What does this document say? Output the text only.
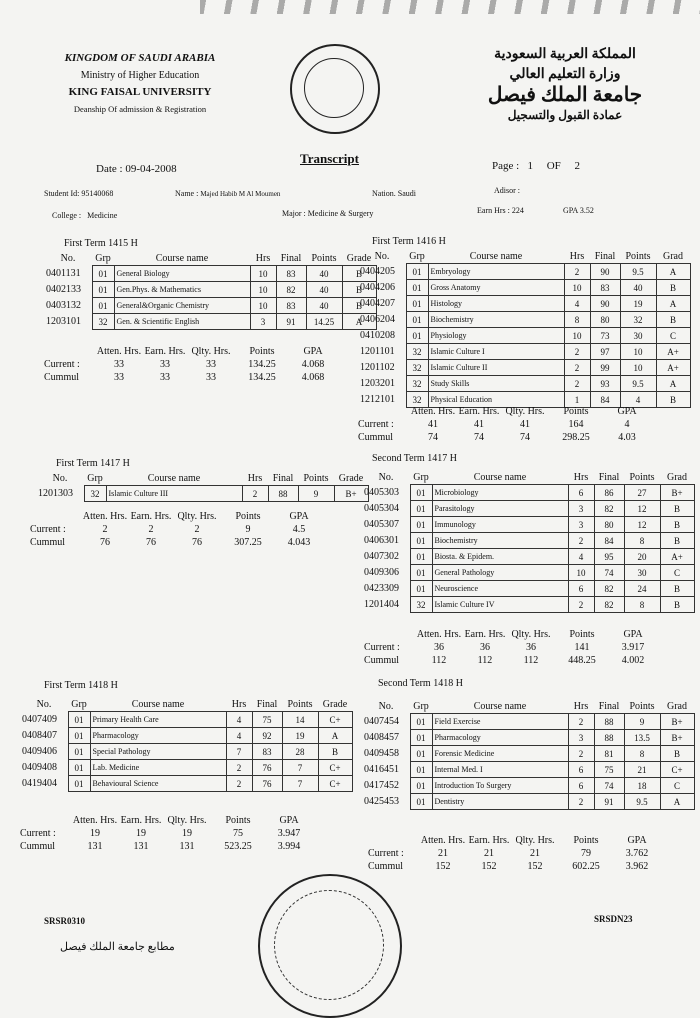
KINGDOM OF SAUDI ARABIA
Ministry of Higher Education
KING FAISAL UNIVERSITY
Deanship Of admission & Registration
المملكة العربية السعودية
وزارة التعليم العالي
جامعة الملك فيصل
عمادة القبول والتسجيل
Transcript
Date : 09-04-2008	Page : 1 OF 2
Student Id: 95140068	Name : Majed Habib M Al Moumen	Nation. Saudi	Adisor :
College : Medicine	Major : Medicine & Surgery	Earn Hrs : 224	GPA 3.52
First Term 1415 H
No.	Grp	Course name	Hrs	Final	Points	Grade
0401131	01	General Biology	10	83	40	B
0402133	01	Gen.Phys. & Mathematics	10	82	40	B
0403132	01	General&Organic Chemistry	10	83	40	B
1203101	32	Gen. & Scientific English	3	91	14.25	A
Atten. Hrs. Earn. Hrs. Qlty. Hrs.	Points	GPA
Current :	33	33	33	134.25	4.068
Cummul	33	33	33	134.25	4.068
First Term 1416 H
No.	Grp	Course name	Hrs	Final	Points	Grad
0404205	01	Embryology	2	90	9.5	A
0404206	01	Gross Anatomy	10	83	40	B
0404207	01	Histology	4	90	19	A
0406204	01	Biochemistry	8	80	32	B
0410208	01	Physiology	10	73	30	C
1201101	32	Islamic Culture I	2	97	10	A+
1201102	32	Islamic Culture II	2	99	10	A+
1203201	32	Study Skills	2	93	9.5	A
1212101	32	Physical Education	1	84	4	B
Atten. Hrs. Earn. Hrs. Qlty. Hrs.	Points	GPA
Current :	41	41	41	164	4
Cummul	74	74	74	298.25	4.03
First Term 1417 H
No.	Grp	Course name	Hrs	Final	Points	Grade
1201303	32	Islamic Culture III	2	88	9	B+
Atten. Hrs. Earn. Hrs. Qlty. Hrs.	Points	GPA
Current :	2	2	2	9	4.5
Cummul	76	76	76	307.25	4.043
Second Term 1417 H
No.	Grp	Course name	Hrs	Final	Points	Grad
0405303	01	Microbiology	6	86	27	B+
0405304	01	Parasitology	3	82	12	B
0405307	01	Immunology	3	80	12	B
0406301	01	Biochemistry	2	84	8	B
0407302	01	Biosta. & Epidem.	4	95	20	A+
0409306	01	General Pathology	10	74	30	C
0423309	01	Neuroscience	6	82	24	B
1201404	32	Islamic Culture IV	2	82	8	B
Atten. Hrs. Earn. Hrs. Qlty. Hrs.	Points	GPA
Current :	36	36	36	141	3.917
Cummul	112	112	112	448.25	4.002
First Term 1418 H
No.	Grp	Course name	Hrs	Final	Points	Grade
0407409	01	Primary Health Care	4	75	14	C+
0408407	01	Pharmacology	4	92	19	A
0409406	01	Special Pathology	7	83	28	B
0409408	01	Lab. Medicine	2	76	7	C+
0419404	01	Behavioural Science	2	76	7	C+
Atten. Hrs. Earn. Hrs. Qlty. Hrs.	Points	GPA
Current :	19	19	19	75	3.947
Cummul	131	131	131	523.25	3.994
Second Term 1418 H
No.	Grp	Course name	Hrs	Final	Points	Grad
0407454	01	Field Exercise	2	88	9	B+
0408457	01	Pharmacology	3	88	13.5	B+
0409458	01	Forensic Medicine	2	81	8	B
0416451	01	Internal Med. I	6	75	21	C+
0417452	01	Introduction To Surgery	6	74	18	C
0425453	01	Dentistry	2	91	9.5	A
Atten. Hrs. Earn. Hrs. Qlty. Hrs.	Points	GPA
Current :	21	21	21	79	3.762
Cummul	152	152	152	602.25	3.962
SRSR0310	SRSDN23
مطابع جامعة الملك فيصل
